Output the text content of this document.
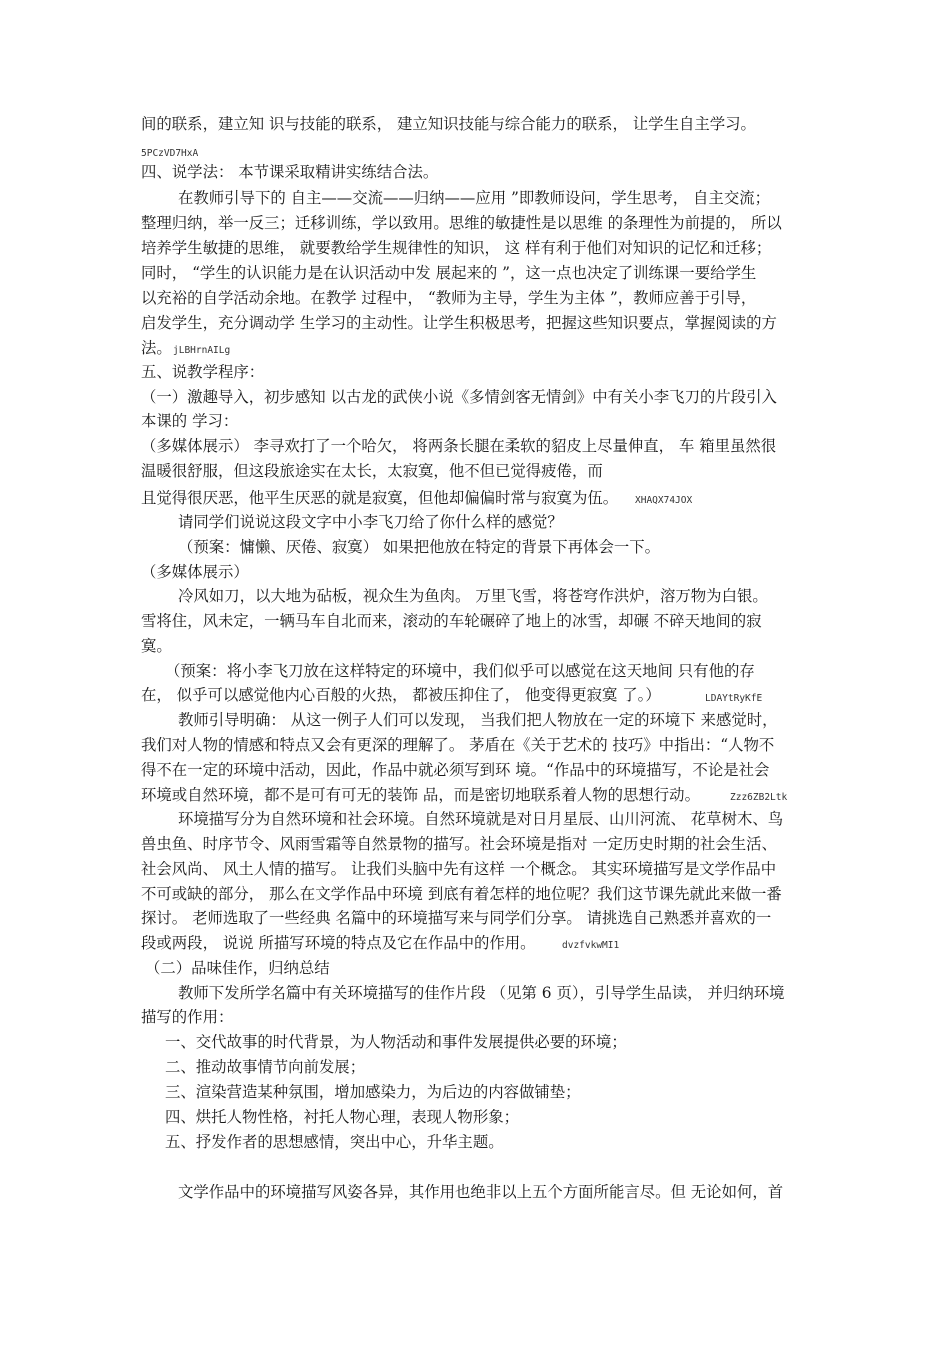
间的联系，建立知 识与技能的联系， 建立知识技能与综合能力的联系， 让学生自主学习。
5PCzVD7HxA
四、说学法： 本节课采取精讲实练结合法。
在教师引导下的 自主——交流——归纳——应用 ”即教师设问，学生思考， 自主交流；
整理归纳，举一反三；迁移训练，学以致用。思维的敏捷性是以思维 的条理性为前提的， 所以
培养学生敏捷的思维， 就要教给学生规律性的知识， 这 样有利于他们对知识的记忆和迁移；
同时， “学生的认识能力是在认识活动中发 展起来的 ”，这一点也决定了训练课一要给学生
以充裕的自学活动余地。在教学 过程中， “教师为主导，学生为主体 ”，教师应善于引导，
启发学生，充分调动学 生学习的主动性。让学生积极思考，把握这些知识要点，掌握阅读的方
法。 jLBHrnAILg
五、说教学程序：
（一）激趣导入，初步感知 以古龙的武侠小说《多情剑客无情剑》中有关小李飞刀的片段引入
本课的 学习：
（多媒体展示） 李寻欢打了一个哈欠， 将两条长腿在柔软的貂皮上尽量伸直， 车 箱里虽然很
温暖很舒服，但这段旅途实在太长，太寂寞，他不但已觉得疲倦，而
且觉得很厌恶，他平生厌恶的就是寂寞，但他却偏偏时常与寂寞为伍。 XHAQX74JOX
请同学们说说这段文字中小李飞刀给了你什么样的感觉？
（预案：慵懒、厌倦、寂寞） 如果把他放在特定的背景下再体会一下。
（多媒体展示）
冷风如刀，以大地为砧板，视众生为鱼肉。 万里飞雪，将苍穹作洪炉，溶万物为白银。
雪将住，风未定，一辆马车自北而来，滚动的车轮碾碎了地上的冰雪，却碾 不碎天地间的寂
寞。
（预案：将小李飞刀放在这样特定的环境中，我们似乎可以感觉在这天地间 只有他的存
在， 似乎可以感觉他内心百般的火热， 都被压抑住了， 他变得更寂寞 了。）	LDAYtRyKfE
教师引导明确： 从这一例子人们可以发现， 当我们把人物放在一定的环境下 来感觉时，
我们对人物的情感和特点又会有更深的理解了。 茅盾在《关于艺术的 技巧》中指出：“人物不
得不在一定的环境中活动，因此，作品中就必须写到环 境。“作品中的环境描写，不论是社会
环境或自然环境，都不是可有可无的装饰 品，而是密切地联系着人物的思想行动。	Zzz6ZB2Ltk
环境描写分为自然环境和社会环境。自然环境就是对日月星辰、山川河流、 花草树木、鸟
兽虫鱼、时序节令、风雨雪霜等自然景物的描写。社会环境是指对 一定历史时期的社会生活、
社会风尚、 风土人情的描写。 让我们头脑中先有这样 一个概念。 其实环境描写是文学作品中
不可或缺的部分， 那么在文学作品中环境 到底有着怎样的地位呢？我们这节课先就此来做一番
探讨。 老师选取了一些经典 名篇中的环境描写来与同学们分享。 请挑选自己熟悉并喜欢的一
段或两段， 说说 所描写环境的特点及它在作品中的作用。	dvzfvkwMI1
（二）品味佳作，归纳总结
教师下发所学名篇中有关环境描写的佳作片段 （见第 6 页），引导学生品读， 并归纳环境
描写的作用：
一、交代故事的时代背景，为人物活动和事件发展提供必要的环境；
二、推动故事情节向前发展；
三、渲染营造某种氛围，增加感染力，为后边的内容做铺垫；
四、烘托人物性格，衬托人物心理，表现人物形象；
五、抒发作者的思想感情，突出中心，升华主题。
文学作品中的环境描写风姿各异，其作用也绝非以上五个方面所能言尽。但 无论如何，首
